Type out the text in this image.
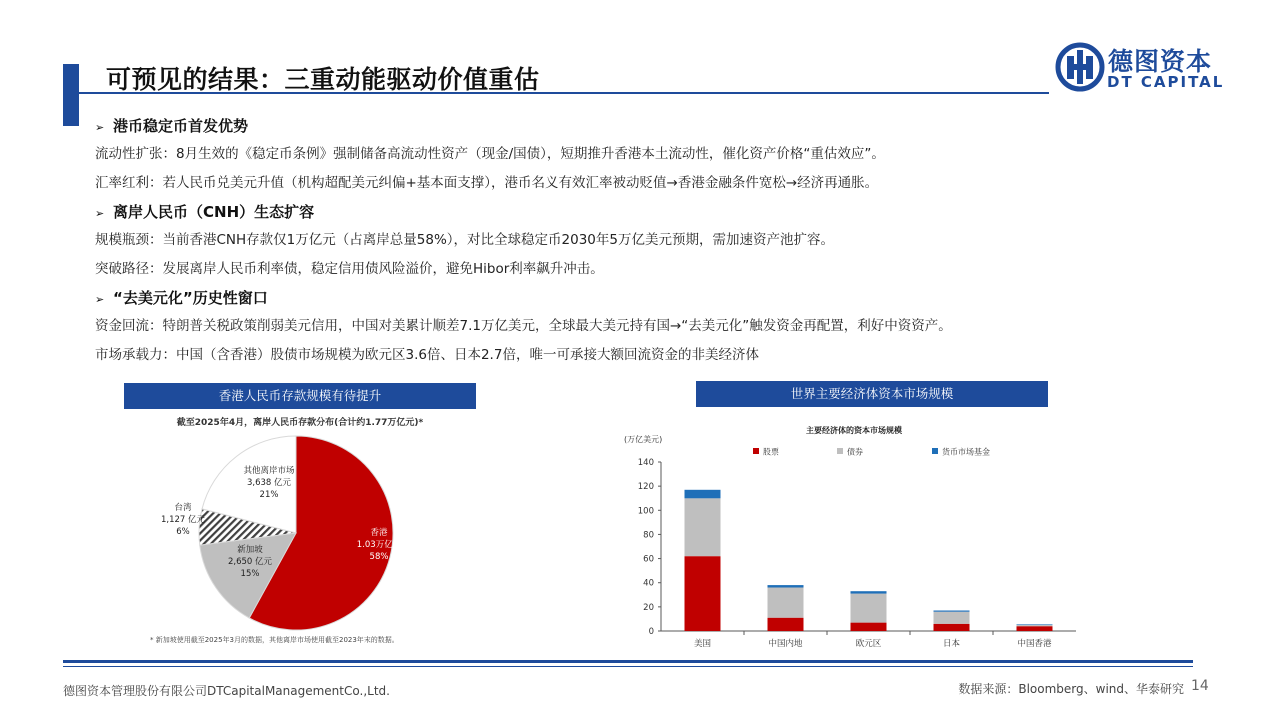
可预见的结果：三重动能驱动价值重估
德图资本
DT CAPITAL
➢ 港币稳定币首发优势
流动性扩张：8月生效的《稳定币条例》强制储备高流动性资产（现金/国债），短期推升香港本土流动性，催化资产价格“重估效应”。
汇率红利：若人民币兑美元升值（机构超配美元纠偏+基本面支撑），港币名义有效汇率被动贬值→香港金融条件宽松→经济再通胀。
➢ 离岸人民币（CNH）生态扩容
规模瓶颈：当前香港CNH存款仅1万亿元（占离岸总量58%），对比全球稳定币2030年5万亿美元预期，需加速资产池扩容。
突破路径：发展离岸人民币利率债，稳定信用债风险溢价，避免Hibor利率飙升冲击。
➢ “去美元化”历史性窗口
资金回流：特朗普关税政策削弱美元信用，中国对美累计顺差7.1万亿美元，全球最大美元持有国→“去美元化”触发资金再配置，利好中资资产。
市场承载力：中国（含香港）股债市场规模为欧元区3.6倍、日本2.7倍，唯一可承接大额回流资金的非美经济体
香港人民币存款规模有待提升	世界主要经济体资本市场规模
截至2025年4月，离岸人民币存款分布(合计约1.77万亿元)*
香港
1.03万亿元
58%
新加坡
2,650 亿元
15%
台湾
1,127 亿元
6%
其他离岸市场
3,638 亿元
21%
* 新加坡使用截至2025年3月的数据，其他离岸市场使用截至2023年末的数据。
(万亿美元)
主要经济体的资本市场规模
股票	债券	货币市场基金
0
20
40
60
80
100
120
140
美国	中国内地	欧元区	日本	中国香港
德图资本管理股份有限公司DTCapitalManagementCo.,Ltd.	数据来源：Bloomberg、wind、华泰研究 14
